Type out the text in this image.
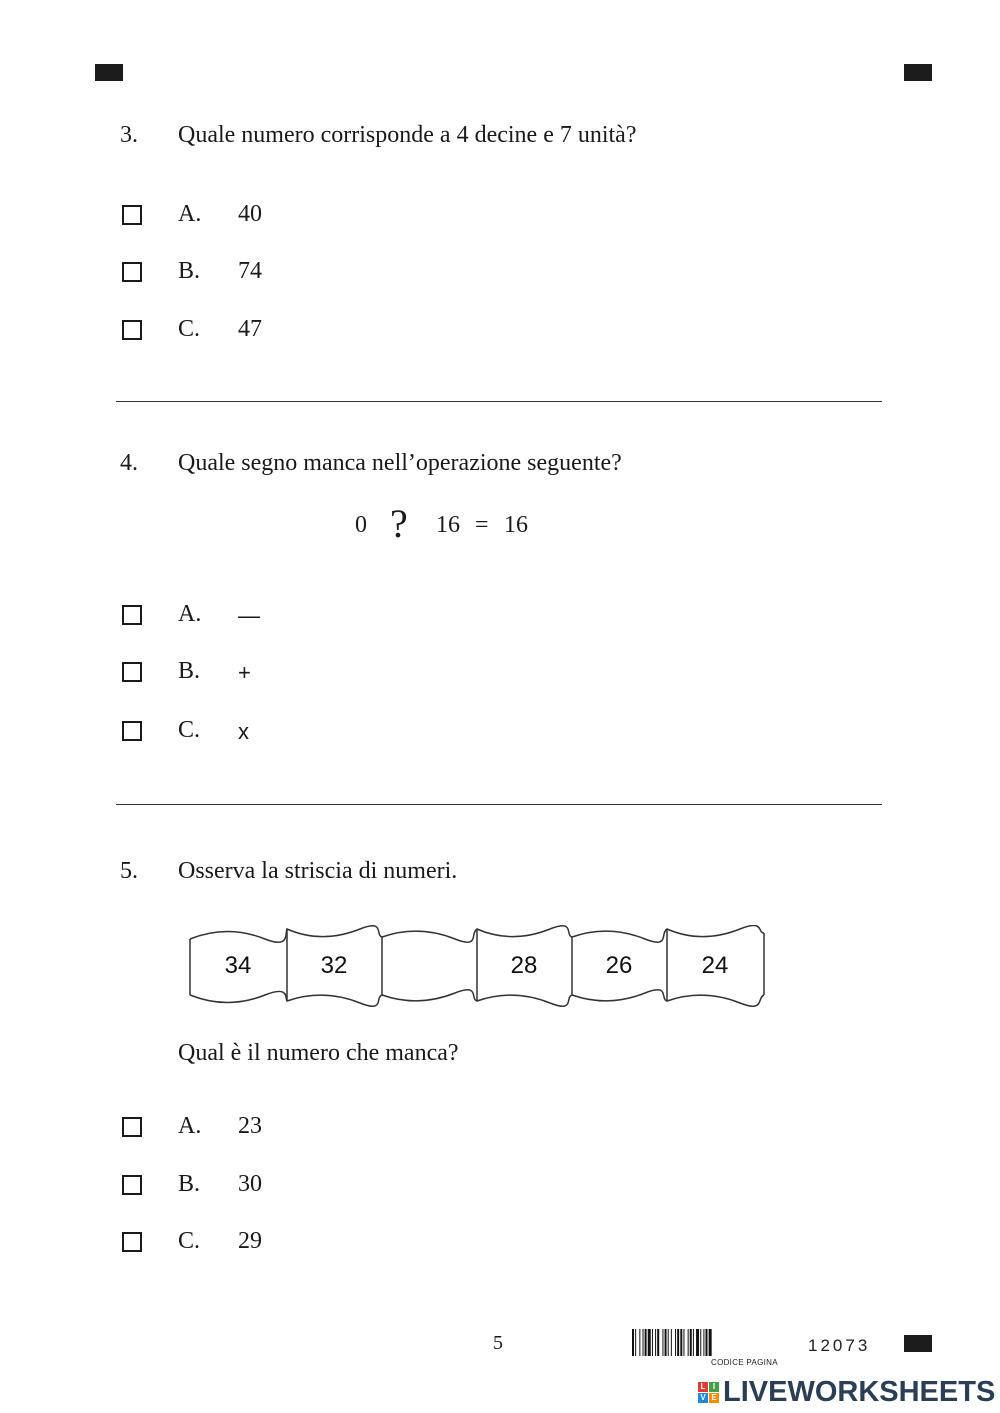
3. Quale numero corrisponde a 4 decine e 7 unità?
A. 40
B. 74
C. 47
4. Quale segno manca nell’operazione seguente?
0 ? 16 = 16
A. —
B. +
C. x
5. Osserva la striscia di numeri.
34	32	28	26	24
Qual è il numero che manca?
A. 23
B. 30
C. 29
5
CODICE PAGINA
12073
L I
V E LIVEWORKSHEETS
